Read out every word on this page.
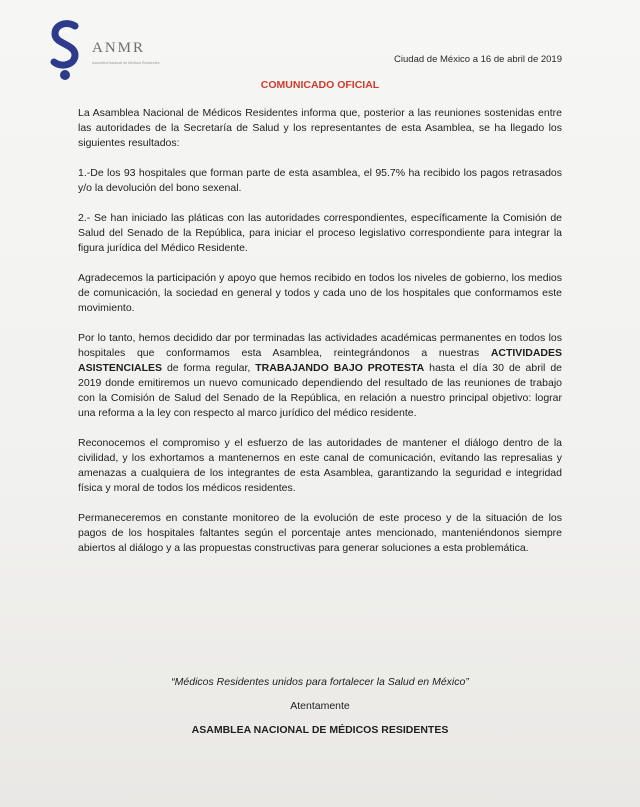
ANMR
Asamblea Nacional de Médicos Residentes	Ciudad de México a 16 de abril de 2019
COMUNICADO OFICIAL

La Asamblea Nacional de Médicos Residentes informa que, posterior a las reuniones sostenidas entre las autoridades de la Secretaría de Salud y los representantes de esta Asamblea, se ha llegado los siguientes resultados:

1.-De los 93 hospitales que forman parte de esta asamblea, el 95.7% ha recibido los pagos retrasados y/o la devolución del bono sexenal.

2.- Se han iniciado las pláticas con las autoridades correspondientes, específicamente la Comisión de Salud del Senado de la República, para iniciar el proceso legislativo correspondiente para integrar la figura jurídica del Médico Residente.

Agradecemos la participación y apoyo que hemos recibido en todos los niveles de gobierno, los medios de comunicación, la sociedad en general y todos y cada uno de los hospitales que conformamos este movimiento.

Por lo tanto, hemos decidido dar por terminadas las actividades académicas permanentes en todos los hospitales que conformamos esta Asamblea, reintegrándonos a nuestras ACTIVIDADES ASISTENCIALES de forma regular, TRABAJANDO BAJO PROTESTA hasta el día 30 de abril de 2019 donde emitiremos un nuevo comunicado dependiendo del resultado de las reuniones de trabajo con la Comisión de Salud del Senado de la República, en relación a nuestro principal objetivo: lograr una reforma a la ley con respecto al marco jurídico del médico residente.

Reconocemos el compromiso y el esfuerzo de las autoridades de mantener el diálogo dentro de la civilidad, y los exhortamos a mantenernos en este canal de comunicación, evitando las represalias y amenazas a cualquiera de los integrantes de esta Asamblea, garantizando la seguridad e integridad física y moral de todos los médicos residentes.

Permaneceremos en constante monitoreo de la evolución de este proceso y de la situación de los pagos de los hospitales faltantes según el porcentaje antes mencionado, manteniéndonos siempre abiertos al diálogo y a las propuestas constructivas para generar soluciones a esta problemática.

“Médicos Residentes unidos para fortalecer la Salud en México”
Atentamente
ASAMBLEA NACIONAL DE MÉDICOS RESIDENTES
